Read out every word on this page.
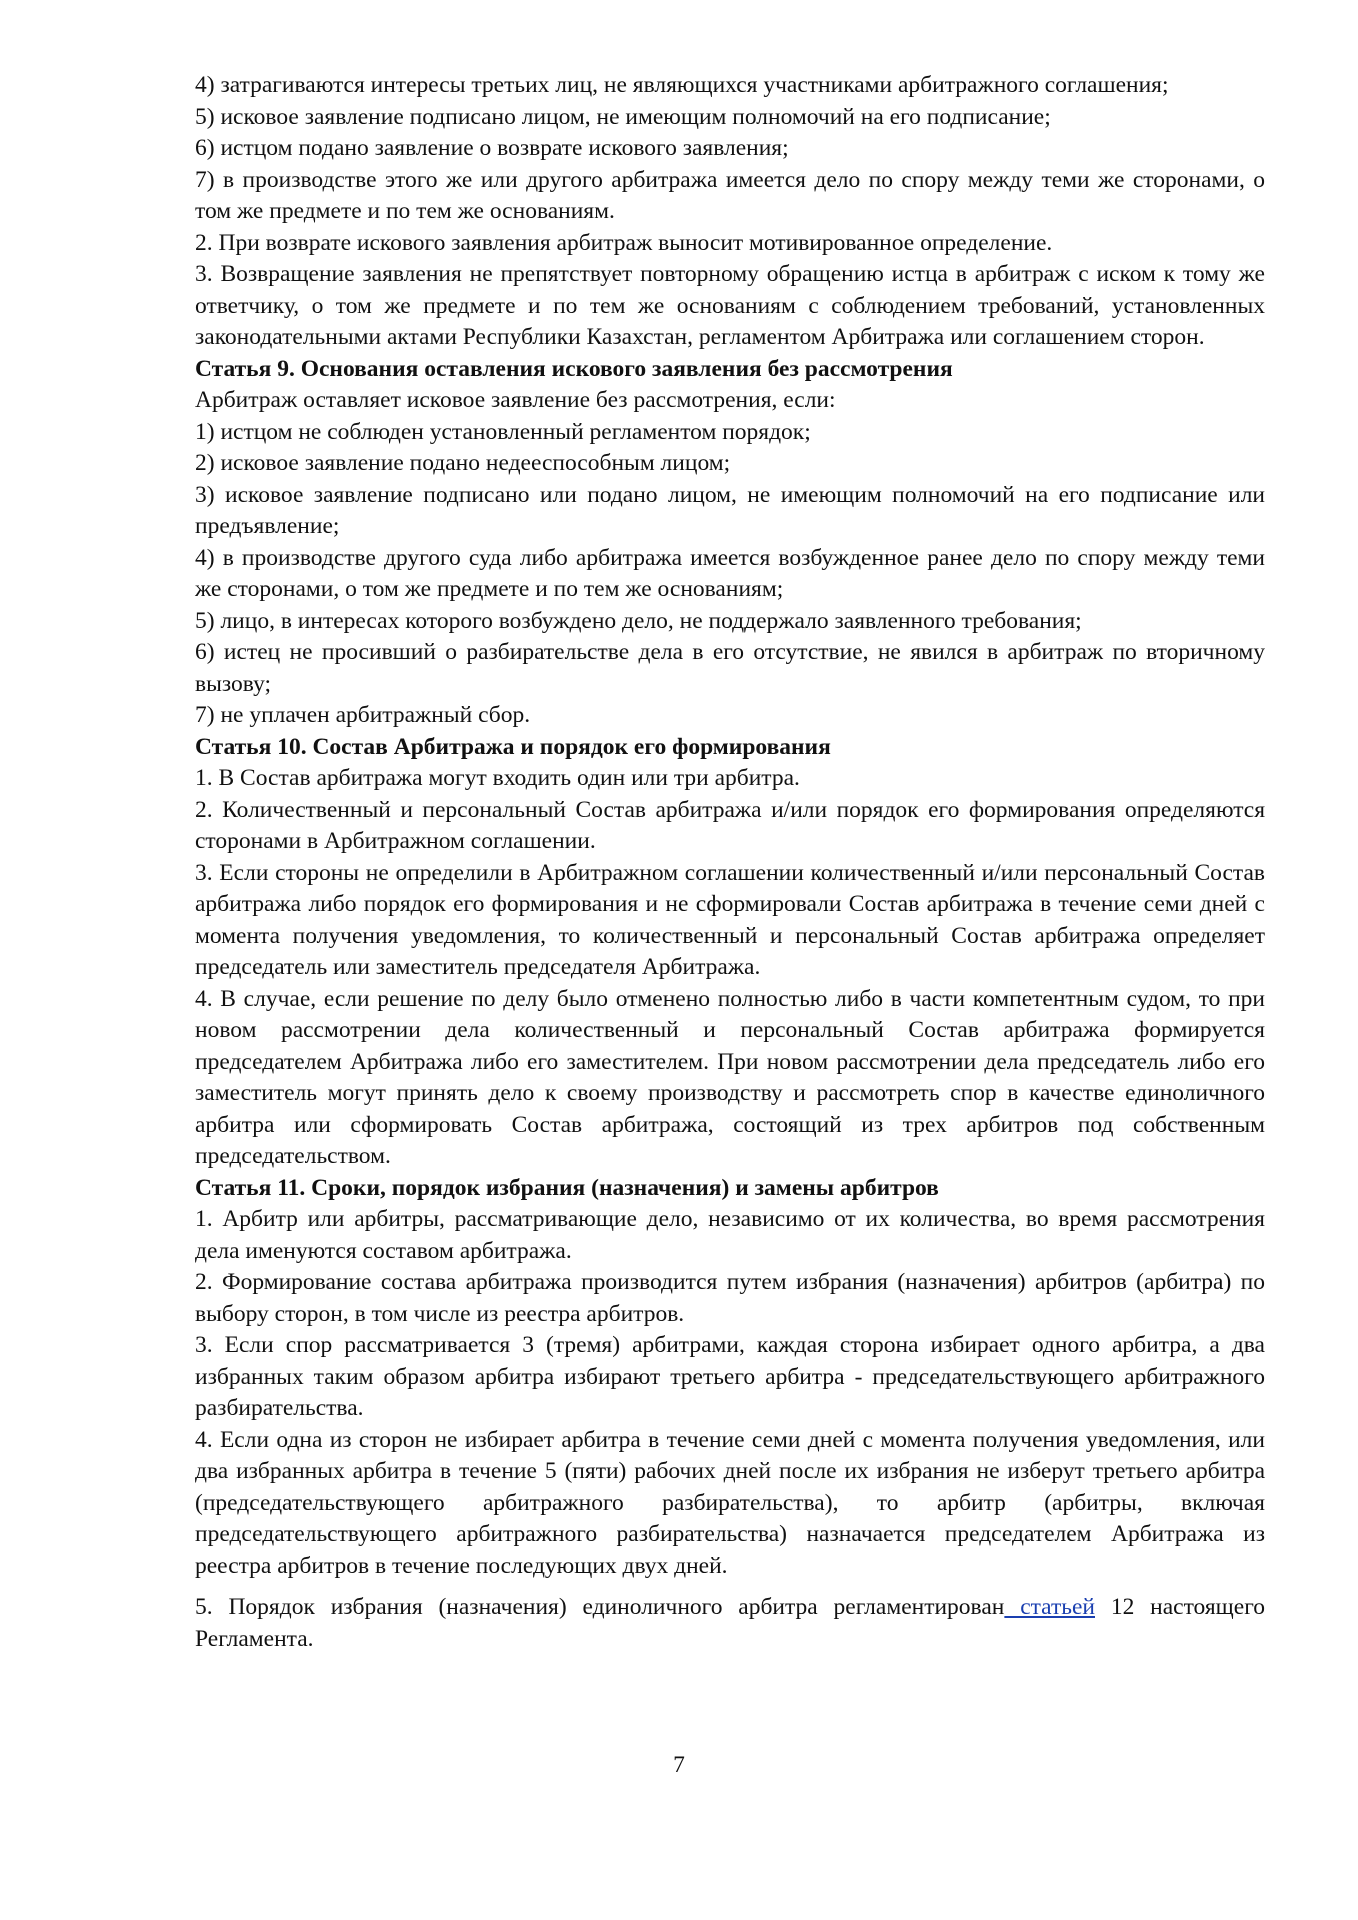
4) затрагиваются интересы третьих лиц, не являющихся участниками арбитражного соглашения;

5) исковое заявление подписано лицом, не имеющим полномочий на его подписание;

6) истцом подано заявление о возврате искового заявления;

7) в производстве этого же или другого арбитража имеется дело по спору между теми же сторонами, о том же предмете и по тем же основаниям.

2. При возврате искового заявления арбитраж выносит мотивированное определение.

3. Возвращение заявления не препятствует повторному обращению истца в арбитраж с иском к тому же ответчику, о том же предмете и по тем же основаниям с соблюдением требований, установленных законодательными актами Республики Казахстан, регламентом Арбитража или соглашением сторон.

Статья 9. Основания оставления искового заявления без рассмотрения

Арбитраж оставляет исковое заявление без рассмотрения, если:

1) истцом не соблюден установленный регламентом порядок;

2) исковое заявление подано недееспособным лицом;

3) исковое заявление подписано или подано лицом, не имеющим полномочий на его подписание или предъявление;

4) в производстве другого суда либо арбитража имеется возбужденное ранее дело по спору между теми же сторонами, о том же предмете и по тем же основаниям;

5) лицо, в интересах которого возбуждено дело, не поддержало заявленного требования;

6) истец не просивший о разбирательстве дела в его отсутствие, не явился в арбитраж по вторичному вызову;

7) не уплачен арбитражный сбор.

Статья 10. Состав Арбитража и порядок его формирования

1. В Состав арбитража могут входить один или три арбитра.

2. Количественный и персональный Состав арбитража и/или порядок его формирования определяются сторонами в Арбитражном соглашении.

3. Если стороны не определили в Арбитражном соглашении количественный и/или персональный Состав арбитража либо порядок его формирования и не сформировали Состав арбитража в течение семи дней с момента получения уведомления, то количественный и персональный Состав арбитража определяет председатель или заместитель председателя Арбитража.

4. В случае, если решение по делу было отменено полностью либо в части компетентным судом, то при новом рассмотрении дела количественный и персональный Состав арбитража формируется председателем Арбитража либо его заместителем. При новом рассмотрении дела председатель либо его заместитель могут принять дело к своему производству и рассмотреть спор в качестве единоличного арбитра или сформировать Состав арбитража, состоящий из трех арбитров под собственным председательством.

Статья 11. Сроки, порядок избрания (назначения) и замены арбитров

1. Арбитр или арбитры, рассматривающие дело, независимо от их количества, во время рассмотрения дела именуются составом арбитража.

2. Формирование состава арбитража производится путем избрания (назначения) арбитров (арбитра) по выбору сторон, в том числе из реестра арбитров.

3. Если спор рассматривается 3 (тремя) арбитрами, каждая сторона избирает одного арбитра, а два избранных таким образом арбитра избирают третьего арбитра - председательствующего арбитражного разбирательства.

4. Если одна из сторон не избирает арбитра в течение семи дней с момента получения уведомления, или два избранных арбитра в течение 5 (пяти) рабочих дней после их избрания не изберут третьего арбитра (председательствующего арбитражного разбирательства), то арбитр (арбитры, включая председательствующего арбитражного разбирательства) назначается председателем Арбитража из реестра арбитров в течение последующих двух дней.

5. Порядок избрания (назначения) единоличного арбитра регламентирован статьей 12 настоящего Регламента.

7
